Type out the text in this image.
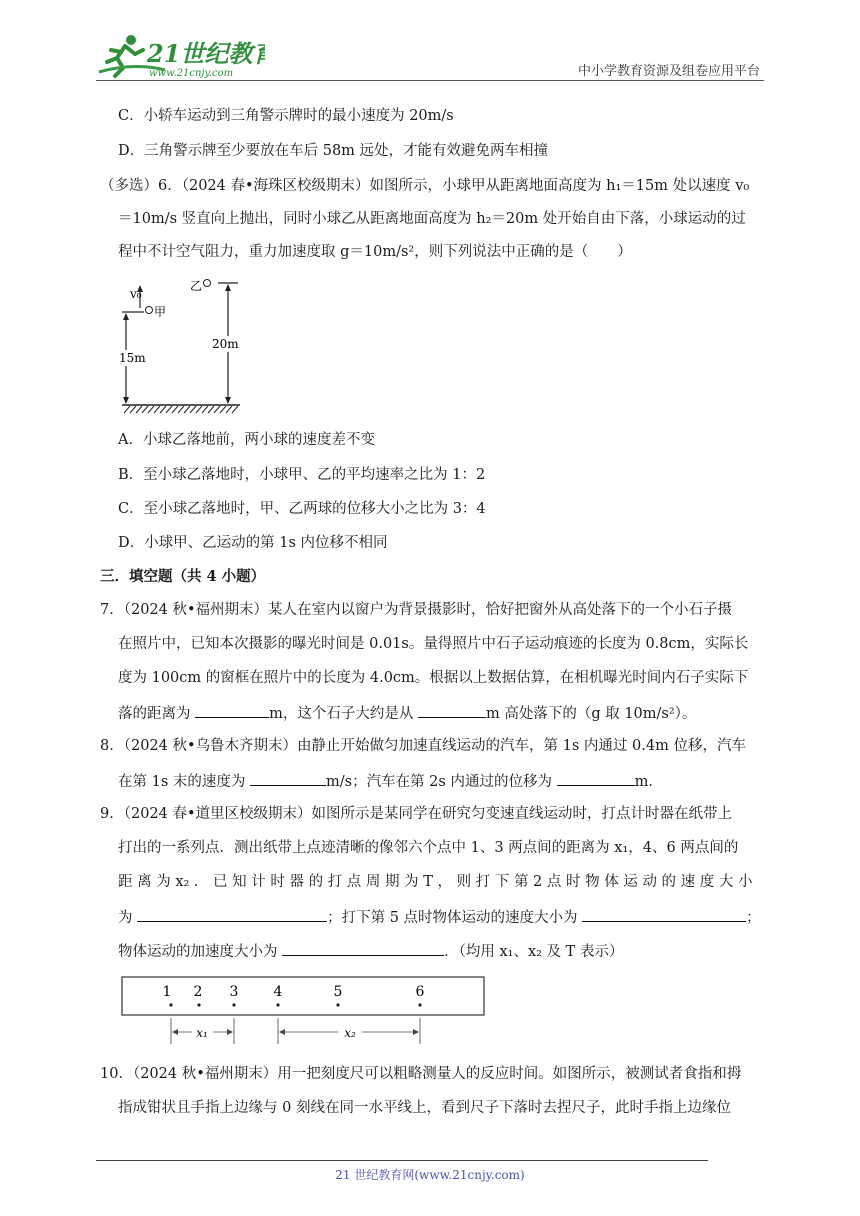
21世纪教育
www.21cnjy.com	中小学教育资源及组卷应用平台
C．小轿车运动到三角警示牌时的最小速度为 20m/s
D．三角警示牌至少要放在车后 58m 远处，才能有效避免两车相撞
（多选）6．（2024 春•海珠区校级期末）如图所示，小球甲从距离地面高度为 h₁＝15m 处以速度 v₀
＝10m/s 竖直向上抛出，同时小球乙从距离地面高度为 h₂＝20m 处开始自由下落，小球运动的过
程中不计空气阻力，重力加速度取 g＝10m/s²，则下列说法中正确的是（　　）
v₀
甲
15m
乙
20m
A．小球乙落地前，两小球的速度差不变
B．至小球乙落地时，小球甲、乙的平均速率之比为 1：2
C．至小球乙落地时，甲、乙两球的位移大小之比为 3：4
D．小球甲、乙运动的第 1s 内位移不相同
三．填空题（共 4 小题）
7．（2024 秋•福州期末）某人在室内以窗户为背景摄影时，恰好把窗外从高处落下的一个小石子摄
在照片中，已知本次摄影的曝光时间是 0.01s。量得照片中石子运动痕迹的长度为 0.8cm，实际长
度为 100cm 的窗框在照片中的长度为 4.0cm。根据以上数据估算，在相机曝光时间内石子实际下
落的距离为	m，这个石子大约是从	m 高处落下的（g 取 10m/s²）。
8．（2024 秋•乌鲁木齐期末）由静止开始做匀加速直线运动的汽车，第 1s 内通过 0.4m 位移，汽车
在第 1s 末的速度为	m/s；汽车在第 2s 内通过的位移为	m．
9．（2024 春•道里区校级期末）如图所示是某同学在研究匀变速直线运动时，打点计时器在纸带上
打出的一系列点．测出纸带上点迹清晰的像邻六个点中 1、3 两点间的距离为 x₁，4、6 两点间的
距 离 为 x₂ ． 已 知 计 时 器 的 打 点 周 期 为 T ， 则 打 下 第 2 点 时 物 体 运 动 的 速 度 大 小
为	；打下第 5 点时物体运动的速度大小为	；
物体运动的加速度大小为	．（均用 x₁、x₂ 及 T 表示）
1 2 3	4	5	6
x₁	x₂
10．（2024 秋•福州期末）用一把刻度尺可以粗略测量人的反应时间。如图所示，被测试者食指和拇
指成钳状且手指上边缘与 0 刻线在同一水平线上，看到尺子下落时去捏尺子，此时手指上边缘位
21 世纪教育网(www.21cnjy.com)
